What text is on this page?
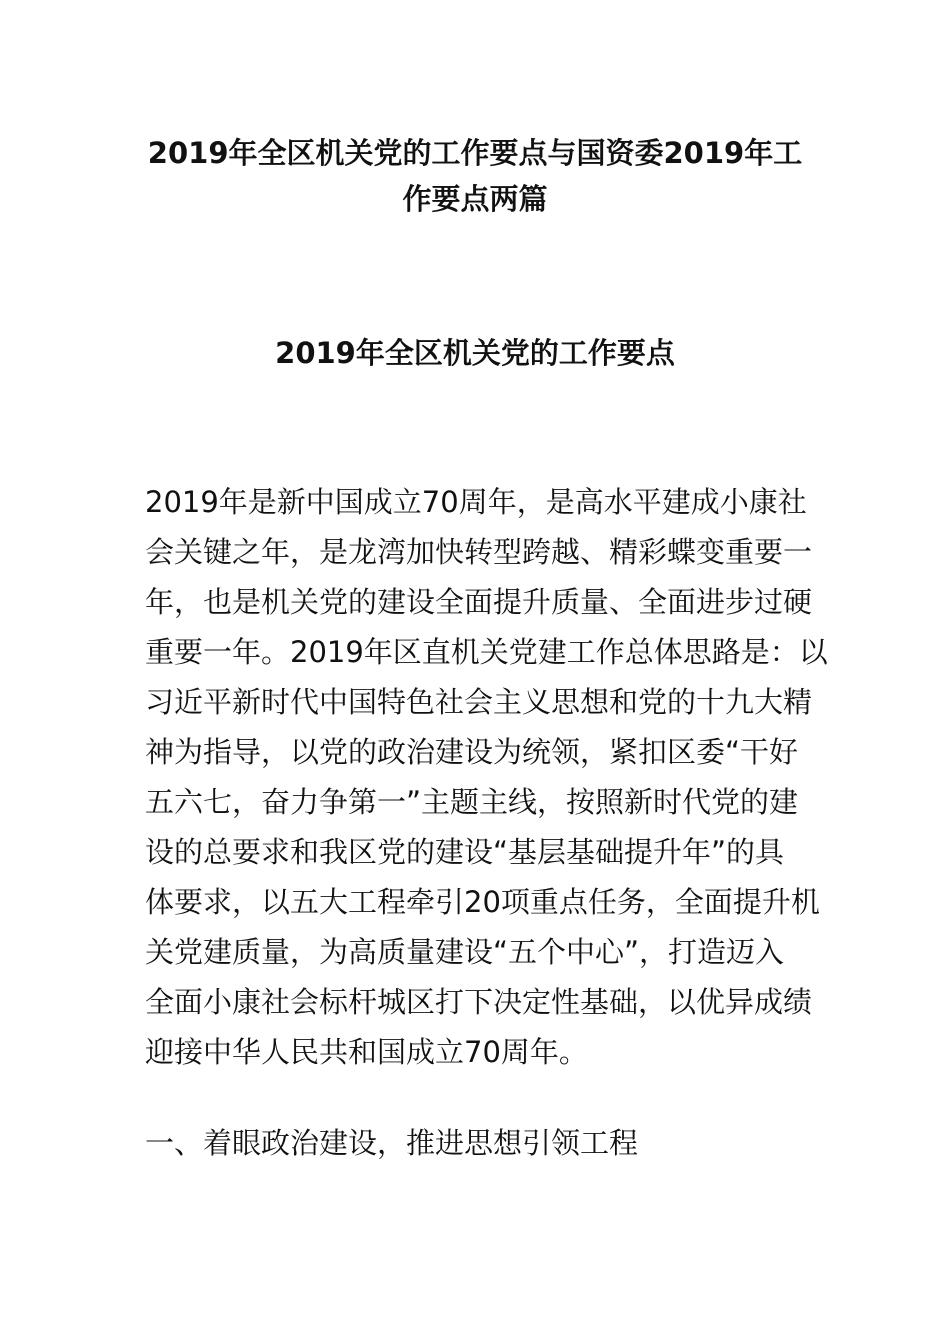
2019年全区机关党的工作要点与国资委2019年工
作要点两篇
2019年全区机关党的工作要点
2019年是新中国成立70周年，是高水平建成小康社
会关键之年，是龙湾加快转型跨越、精彩蝶变重要一
年，也是机关党的建设全面提升质量、全面进步过硬
重要一年。2019年区直机关党建工作总体思路是：以
习近平新时代中国特色社会主义思想和党的十九大精
神为指导，以党的政治建设为统领，紧扣区委“干好
五六七，奋力争第一”主题主线，按照新时代党的建
设的总要求和我区党的建设“基层基础提升年”的具
体要求，以五大工程牵引20项重点任务，全面提升机
关党建质量，为高质量建设“五个中心”，打造迈入
全面小康社会标杆城区打下决定性基础，以优异成绩
迎接中华人民共和国成立70周年。
一、着眼政治建设，推进思想引领工程
